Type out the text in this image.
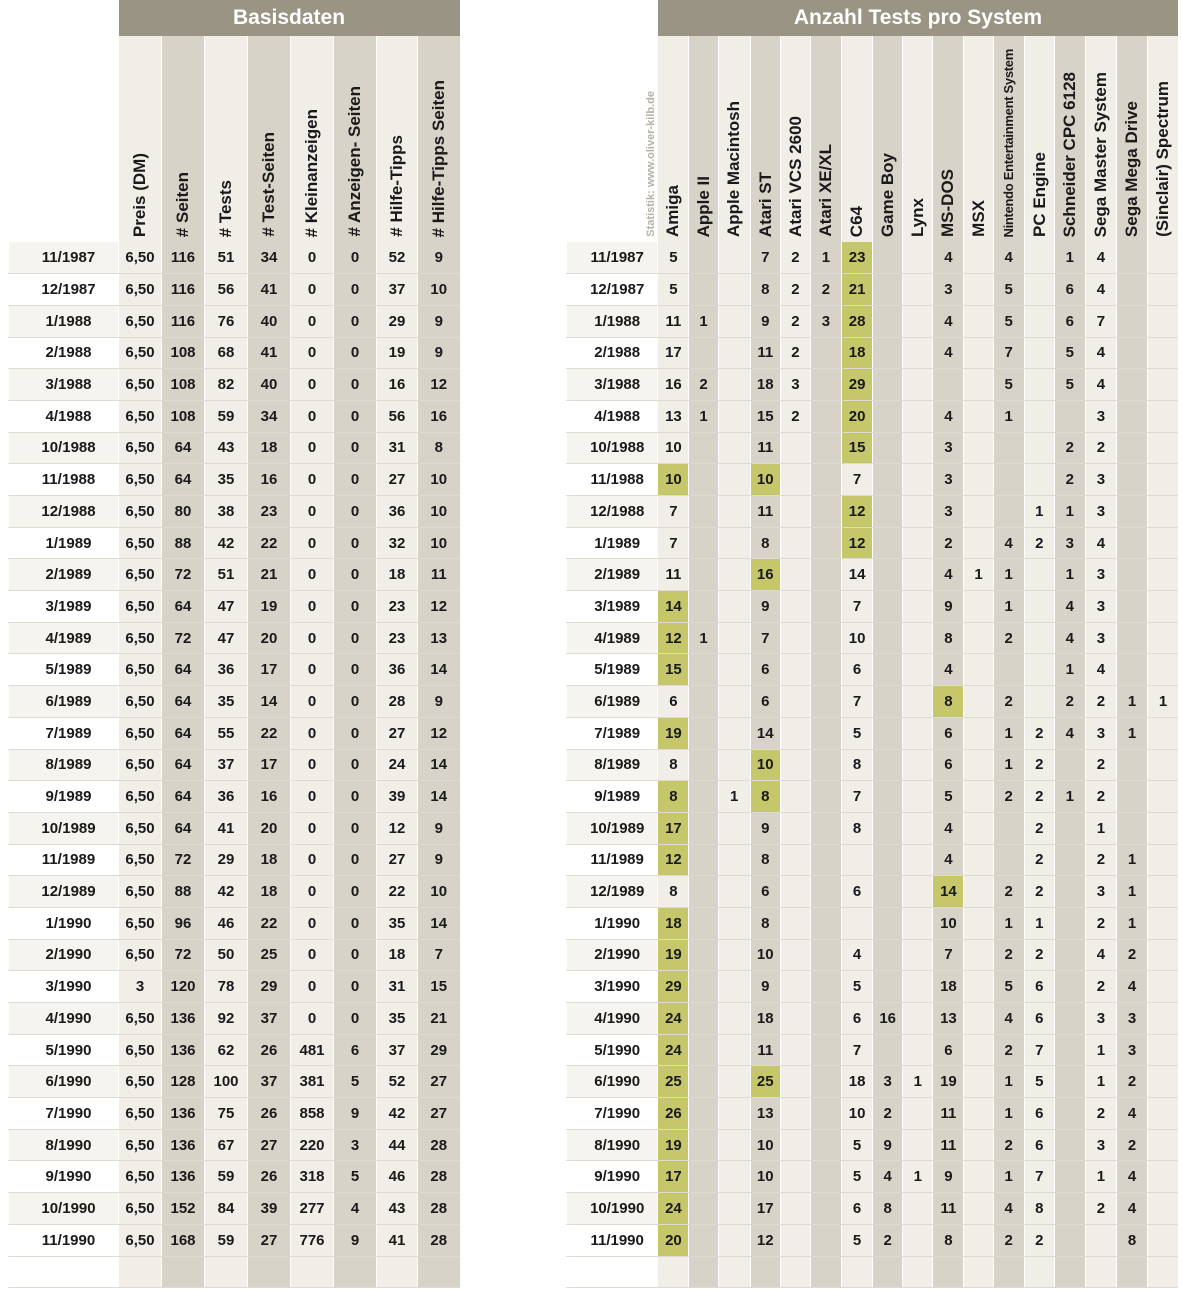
	Basisdaten							
	Preis (DM)	# Seiten	# Tests	# Test-Seiten	# Kleinanzeigen	# Anzeigen- Seiten	# Hilfe-Tipps	# Hilfe-Tipps Seiten
11/1987	6,50	116	51	34	0	0	52	9
12/1987	6,50	116	56	41	0	0	37	10
1/1988	6,50	116	76	40	0	0	29	9
2/1988	6,50	108	68	41	0	0	19	9
3/1988	6,50	108	82	40	0	0	16	12
4/1988	6,50	108	59	34	0	0	56	16
10/1988	6,50	64	43	18	0	0	31	8
11/1988	6,50	64	35	16	0	0	27	10
12/1988	6,50	80	38	23	0	0	36	10
1/1989	6,50	88	42	22	0	0	32	10
2/1989	6,50	72	51	21	0	0	18	11
3/1989	6,50	64	47	19	0	0	23	12
4/1989	6,50	72	47	20	0	0	23	13
5/1989	6,50	64	36	17	0	0	36	14
6/1989	6,50	64	35	14	0	0	28	9
7/1989	6,50	64	55	22	0	0	27	12
8/1989	6,50	64	37	17	0	0	24	14
9/1989	6,50	64	36	16	0	0	39	14
10/1989	6,50	64	41	20	0	0	12	9
11/1989	6,50	72	29	18	0	0	27	9
12/1989	6,50	88	42	18	0	0	22	10
1/1990	6,50	96	46	22	0	0	35	14
2/1990	6,50	72	50	25	0	0	18	7
3/1990	3	120	78	29	0	0	31	15
4/1990	6,50	136	92	37	0	0	35	21
5/1990	6,50	136	62	26	481	6	37	29
6/1990	6,50	128	100	37	381	5	52	27
7/1990	6,50	136	75	26	858	9	42	27
8/1990	6,50	136	67	27	220	3	44	28
9/1990	6,50	136	59	26	318	5	46	28
10/1990	6,50	152	84	39	277	4	43	28
11/1990	6,50	168	59	27	776	9	41	28

	Anzahl Tests pro System																
Statistik: www.oliver-kilb.de	Amiga	Apple II	Apple Macintosh	Atari ST	Atari VCS 2600	Atari XE/XL	C64	Game Boy	Lynx	MS-DOS	MSX	Nintendo Entertainment System	PC Engine	Schneider CPC 6128	Sega Master System	Sega Mega Drive	(Sinclair) Spectrum
11/1987	5			7	2	1	23			4		4		1	4		
12/1987	5			8	2	2	21			3		5		6	4		
1/1988	11	1		9	2	3	28			4		5		6	7		
2/1988	17			11	2		18			4		7		5	4		
3/1988	16	2		18	3		29					5		5	4		
4/1988	13	1		15	2		20			4		1			3		
10/1988	10			11			15			3				2	2		
11/1988	10			10			7			3				2	3		
12/1988	7			11			12			3			1	1	3		
1/1989	7			8			12			2		4	2	3	4		
2/1989	11			16			14			4	1	1		1	3		
3/1989	14			9			7			9		1		4	3		
4/1989	12	1		7			10			8		2		4	3		
5/1989	15			6			6			4				1	4		
6/1989	6			6			7			8		2		2	2	1	1
7/1989	19			14			5			6		1	2	4	3	1	
8/1989	8			10			8			6		1	2		2		
9/1989	8		1	8			7			5		2	2	1	2		
10/1989	17			9			8			4			2		1		
11/1989	12			8						4			2		2	1	
12/1989	8			6			6			14		2	2		3	1	
1/1990	18			8						10		1	1		2	1	
2/1990	19			10			4			7		2	2		4	2	
3/1990	29			9			5			18		5	6		2	4	
4/1990	24			18			6	16		13		4	6		3	3	
5/1990	24			11			7			6		2	7		1	3	
6/1990	25			25			18	3	1	19		1	5		1	2	
7/1990	26			13			10	2		11		1	6		2	4	
8/1990	19			10			5	9		11		2	6		3	2	
9/1990	17			10			5	4	1	9		1	7		1	4	
10/1990	24			17			6	8		11		4	8		2	4	
11/1990	20			12			5	2		8		2	2			8	
